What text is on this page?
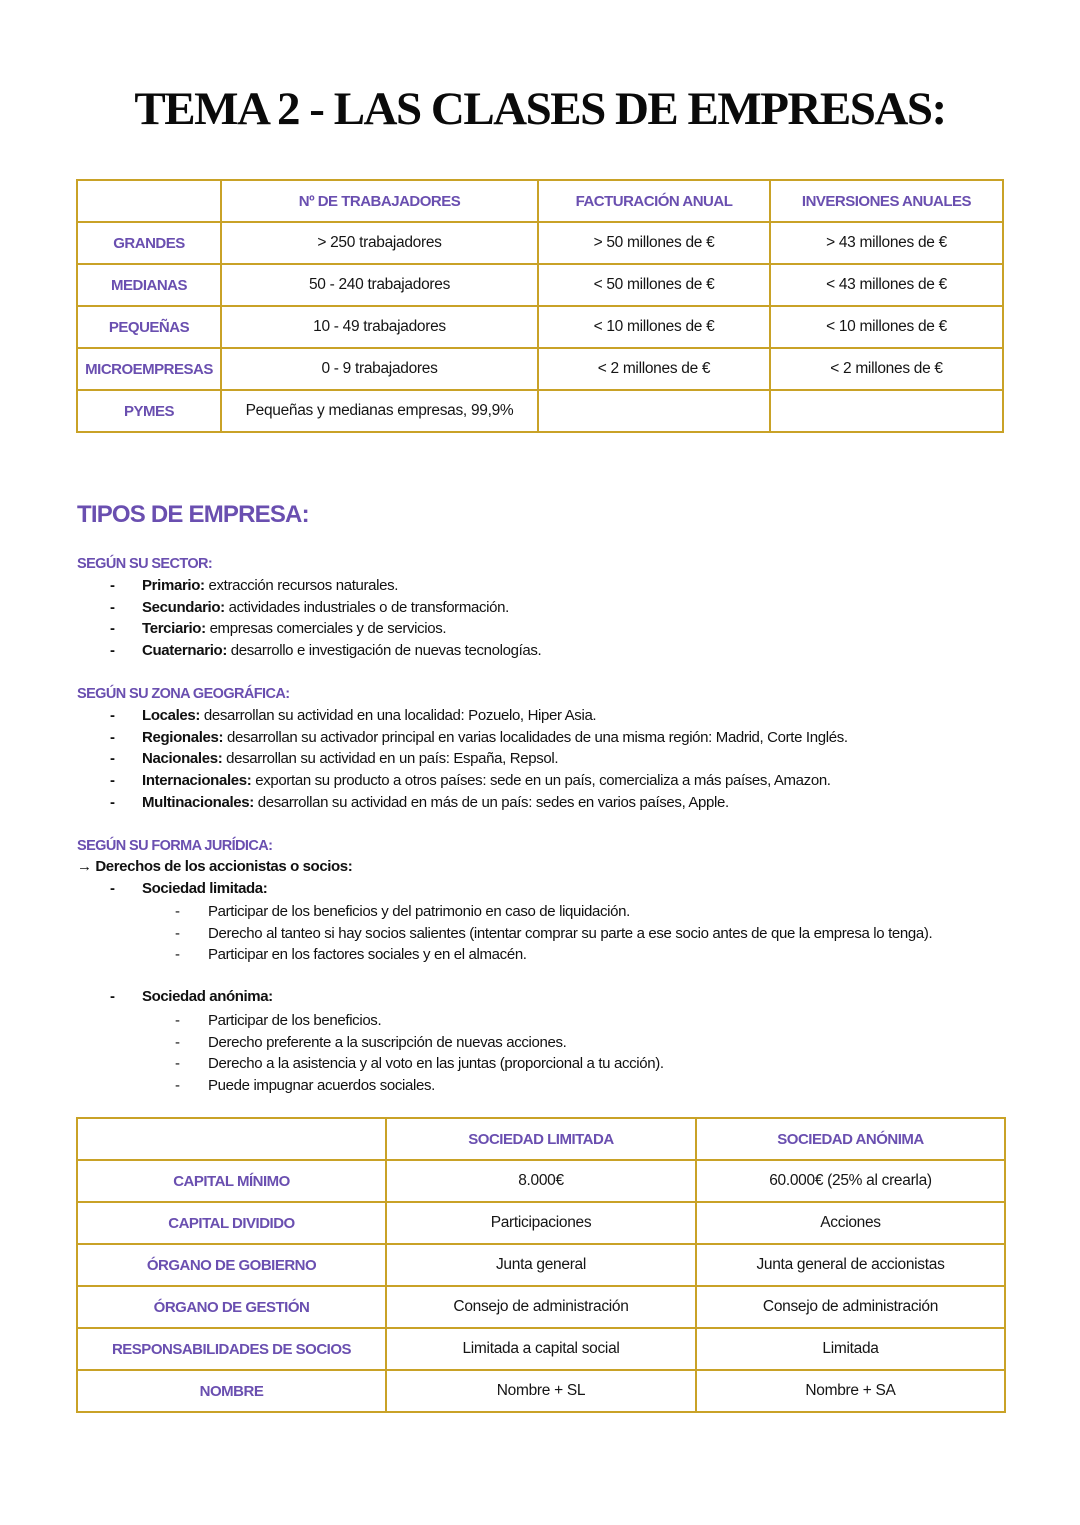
TEMA 2 - LAS CLASES DE EMPRESAS:
	Nº DE TRABAJADORES	FACTURACIÓN ANUAL	INVERSIONES ANUALES
GRANDES	> 250 trabajadores	> 50 millones de €	> 43 millones de €
MEDIANAS	50 - 240 trabajadores	< 50 millones de €	< 43 millones de €
PEQUEÑAS	10 - 49 trabajadores	< 10 millones de €	< 10 millones de €
MICROEMPRESAS	0 - 9 trabajadores	< 2 millones de €	< 2 millones de €
PYMES	Pequeñas y medianas empresas, 99,9%		
TIPOS DE EMPRESA:
SEGÚN SU SECTOR:
- Primario: extracción recursos naturales.
- Secundario: actividades industriales o de transformación.
- Terciario: empresas comerciales y de servicios.
- Cuaternario: desarrollo e investigación de nuevas tecnologías.
SEGÚN SU ZONA GEOGRÁFICA:
- Locales: desarrollan su actividad en una localidad: Pozuelo, Hiper Asia.
- Regionales: desarrollan su activador principal en varias localidades de una misma región: Madrid, Corte Inglés.
- Nacionales: desarrollan su actividad en un país: España, Repsol.
- Internacionales: exportan su producto a otros países: sede en un país, comercializa a más países, Amazon.
- Multinacionales: desarrollan su actividad en más de un país: sedes en varios países, Apple.
SEGÚN SU FORMA JURÍDICA:
→ Derechos de los accionistas o socios:
- Sociedad limitada:
- Participar de los beneficios y del patrimonio en caso de liquidación.
- Derecho al tanteo si hay socios salientes (intentar comprar su parte a ese socio antes de que la empresa lo tenga).
- Participar en los factores sociales y en el almacén.
- Sociedad anónima:
- Participar de los beneficios.
- Derecho preferente a la suscripción de nuevas acciones.
- Derecho a la asistencia y al voto en las juntas (proporcional a tu acción).
- Puede impugnar acuerdos sociales.
	SOCIEDAD LIMITADA	SOCIEDAD ANÓNIMA
CAPITAL MÍNIMO	8.000€	60.000€ (25% al crearla)
CAPITAL DIVIDIDO	Participaciones	Acciones
ÓRGANO DE GOBIERNO	Junta general	Junta general de accionistas
ÓRGANO DE GESTIÓN	Consejo de administración	Consejo de administración
RESPONSABILIDADES DE SOCIOS	Limitada a capital social	Limitada
NOMBRE	Nombre + SL	Nombre + SA
